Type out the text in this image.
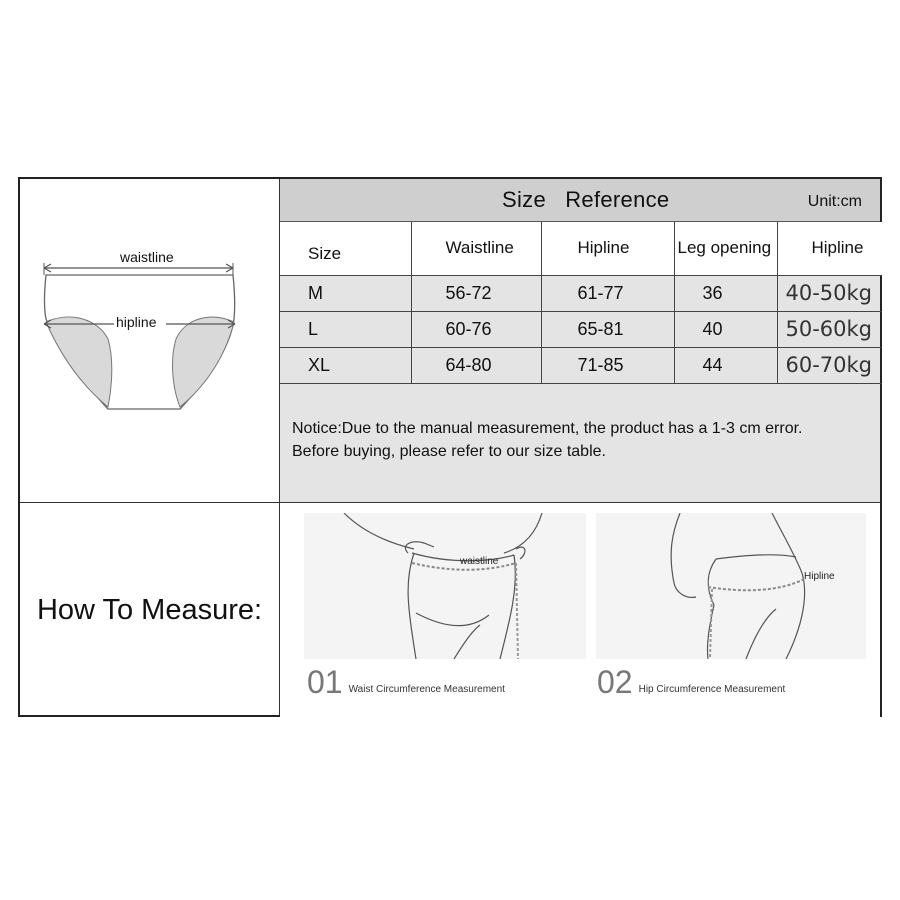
waistline
hipline
Size   Reference	Unit:cm
Size	Waistline	Hipline	Leg opening	Hipline
M	56-72	61-77	36	40-50kg
L	60-76	65-81	40	50-60kg
XL	64-80	71-85	44	60-70kg
Notice:Due to the manual measurement, the product has a 1-3 cm error.
Before buying, please refer to our size table.
How To Measure:
waistline
Hipline
01 Waist Circumference Measurement	02 Hip Circumference Measurement
